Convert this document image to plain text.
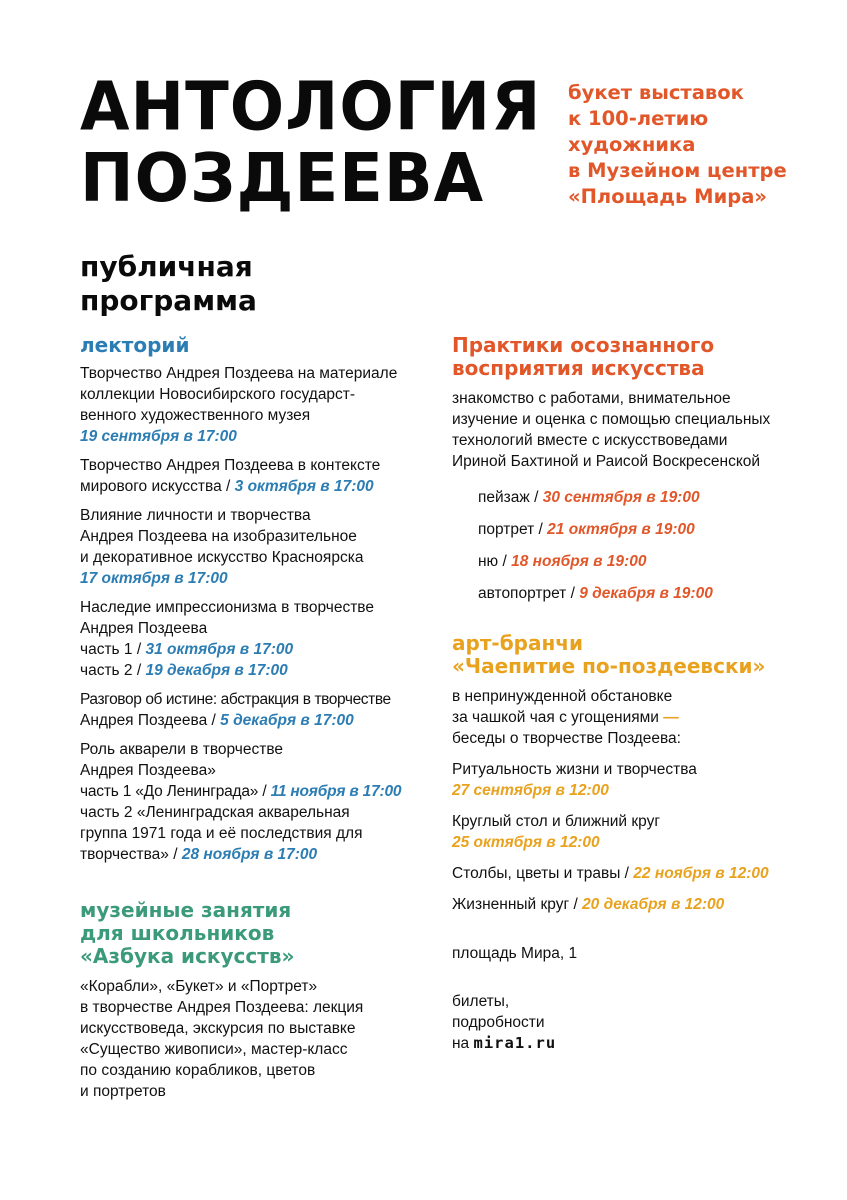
АНТОЛОГИЯ
ПОЗДЕЕВА
букет выставок
к 100-летию
художника
в Музейном центре
«Площадь Мира»
публичная
программа
лекторий
Творчество Андрея Поздеева на материале
коллекции Новосибирского государст-
венного художественного музея
19 сентября в 17:00
Творчество Андрея Поздеева в контексте
мирового искусства / 3 октября в 17:00
Влияние личности и творчества
Андрея Поздеева на изобразительное
и декоративное искусство Красноярска
17 октября в 17:00
Наследие импрессионизма в творчестве
Андрея Поздеева
часть 1 / 31 октября в 17:00
часть 2 / 19 декабря в 17:00
Разговор об истине: абстракция в творчестве
Андрея Поздеева / 5 декабря в 17:00
Роль акварели в творчестве
Андрея Поздеева»
часть 1 «До Ленинграда» / 11 ноября в 17:00
часть 2 «Ленинградская акварельная
группа 1971 года и её последствия для
творчества» / 28 ноября в 17:00
музейные занятия
для школьников
«Азбука искусств»
«Корабли», «Букет» и «Портрет»
в творчестве Андрея Поздеева: лекция
искусствоведа, экскурсия по выставке
«Существо живописи», мастер-класс
по созданию корабликов, цветов
и портретов
Практики осознанного
восприятия искусства
знакомство с работами, внимательное
изучение и оценка с помощью специальных
технологий вместе с искусствоведами
Ириной Бахтиной и Раисой Воскресенской
пейзаж / 30 сентября в 19:00
портрет / 21 октября в 19:00
ню / 18 ноября в 19:00
автопортрет / 9 декабря в 19:00
арт-бранчи
«Чаепитие по-поздеевски»
в непринужденной обстановке
за чашкой чая с угощениями —
беседы о творчестве Поздеева:
Ритуальность жизни и творчества
27 сентября в 12:00
Круглый стол и ближний круг
25 октября в 12:00
Столбы, цветы и травы / 22 ноября в 12:00
Жизненный круг / 20 декабря в 12:00
площадь Мира, 1
билеты,
подробности
на mira1.ru
